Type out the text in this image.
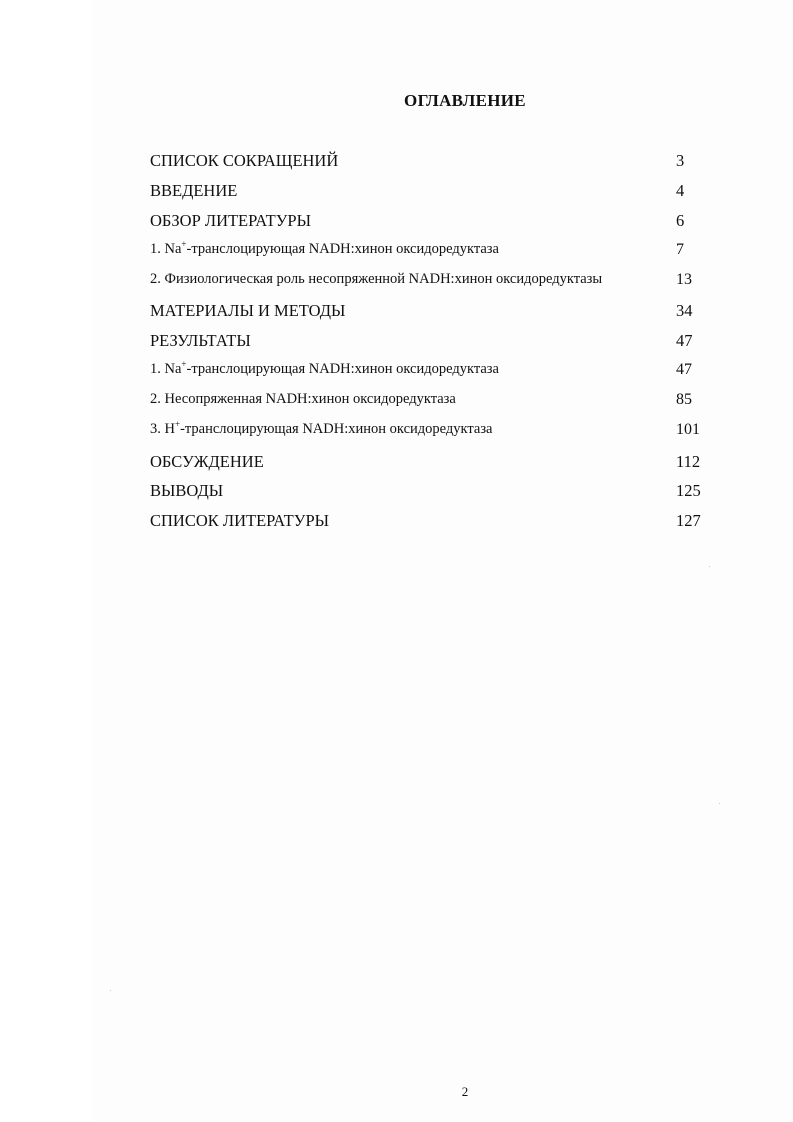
ОГЛАВЛЕНИЕ
СПИСОК СОКРАЩЕНИЙ	3
ВВЕДЕНИЕ	4
ОБЗОР ЛИТЕРАТУРЫ	6
1. Na+-транслоцирующая NADH:хинон оксидоредуктаза	7
2. Физиологическая роль несопряженной NADH:хинон оксидоредуктазы	13
МАТЕРИАЛЫ И МЕТОДЫ	34
РЕЗУЛЬТАТЫ	47
1. Na+-транслоцирующая NADH:хинон оксидоредуктаза	47
2. Несопряженная NADH:хинон оксидоредуктаза	85
3. H+-транслоцирующая NADH:хинон оксидоредуктаза	101
ОБСУЖДЕНИЕ	112
ВЫВОДЫ	125
СПИСОК ЛИТЕРАТУРЫ	127
2
